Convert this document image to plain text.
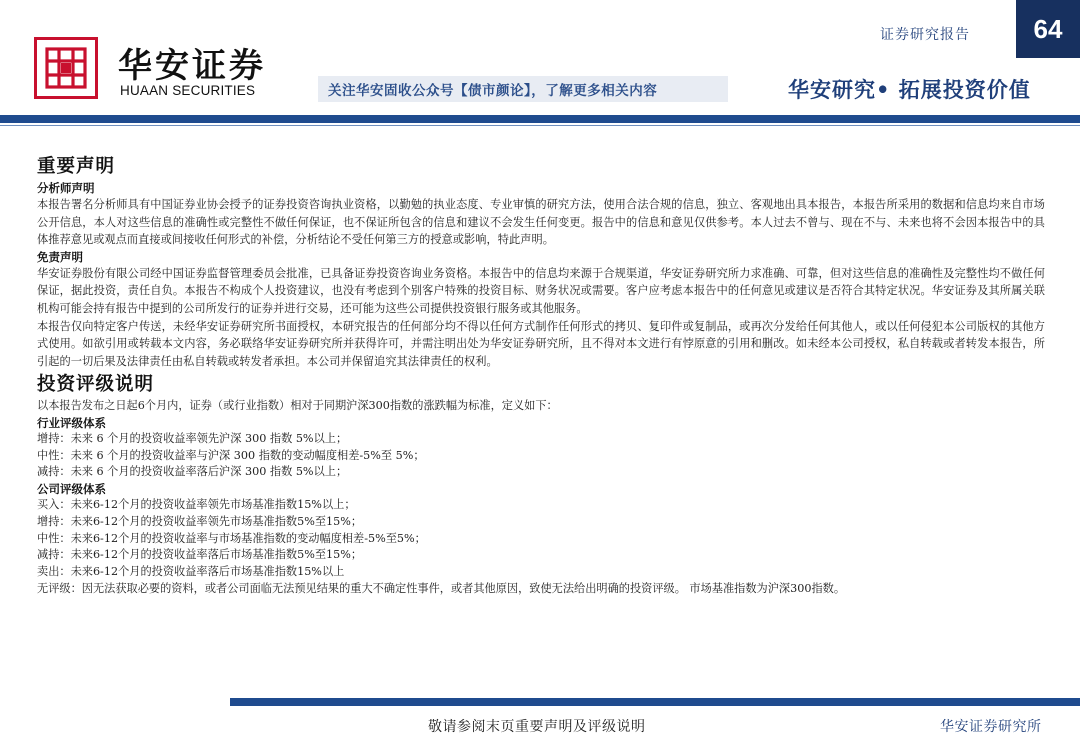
华安证券
HUAAN SECURITIES
证券研究报告	64
关注华安固收公众号【债市颜论】，了解更多相关内容	华安研究• 拓展投资价值
重要声明
分析师声明

本报告署名分析师具有中国证券业协会授予的证券投资咨询执业资格，以勤勉的执业态度、专业审慎的研究方法，使用合法合规的信息，独立、客观地出具本报告，本报告所采用的数据和信息均来自市场公开信息，本人对这些信息的准确性或完整性不做任何保证，也不保证所包含的信息和建议不会发生任何变更。报告中的信息和意见仅供参考。本人过去不曾与、现在不与、未来也将不会因本报告中的具体推荐意见或观点而直接或间接收任何形式的补偿，分析结论不受任何第三方的授意或影响，特此声明。

免责声明

华安证券股份有限公司经中国证券监督管理委员会批准，已具备证券投资咨询业务资格。本报告中的信息均来源于合规渠道，华安证券研究所力求准确、可靠，但对这些信息的准确性及完整性均不做任何保证，据此投资，责任自负。本报告不构成个人投资建议，也没有考虑到个别客户特殊的投资目标、财务状况或需要。客户应考虑本报告中的任何意见或建议是否符合其特定状况。华安证券及其所属关联机构可能会持有报告中提到的公司所发行的证券并进行交易，还可能为这些公司提供投资银行服务或其他服务。

本报告仅向特定客户传送，未经华安证券研究所书面授权，本研究报告的任何部分均不得以任何方式制作任何形式的拷贝、复印件或复制品，或再次分发给任何其他人，或以任何侵犯本公司版权的其他方式使用。如欲引用或转载本文内容，务必联络华安证券研究所并获得许可，并需注明出处为华安证券研究所，且不得对本文进行有悖原意的引用和删改。如未经本公司授权，私自转载或者转发本报告，所引起的一切后果及法律责任由私自转载或转发者承担。本公司并保留追究其法律责任的权利。

投资评级说明
以本报告发布之日起6个月内，证券（或行业指数）相对于同期沪深300指数的涨跌幅为标准，定义如下：
行业评级体系
增持：未来 6 个月的投资收益率领先沪深 300 指数 5%以上；
中性：未来 6 个月的投资收益率与沪深 300 指数的变动幅度相差-5%至 5%；
减持：未来 6 个月的投资收益率落后沪深 300 指数 5%以上；
公司评级体系
买入：未来6-12个月的投资收益率领先市场基准指数15%以上；
增持：未来6-12个月的投资收益率领先市场基准指数5%至15%；
中性：未来6-12个月的投资收益率与市场基准指数的变动幅度相差-5%至5%；
减持：未来6-12个月的投资收益率落后市场基准指数5%至15%；
卖出：未来6-12个月的投资收益率落后市场基准指数15%以上
无评级：因无法获取必要的资料，或者公司面临无法预见结果的重大不确定性事件，或者其他原因，致使无法给出明确的投资评级。 市场基准指数为沪深300指数。
敬请参阅末页重要声明及评级说明	华安证券研究所
